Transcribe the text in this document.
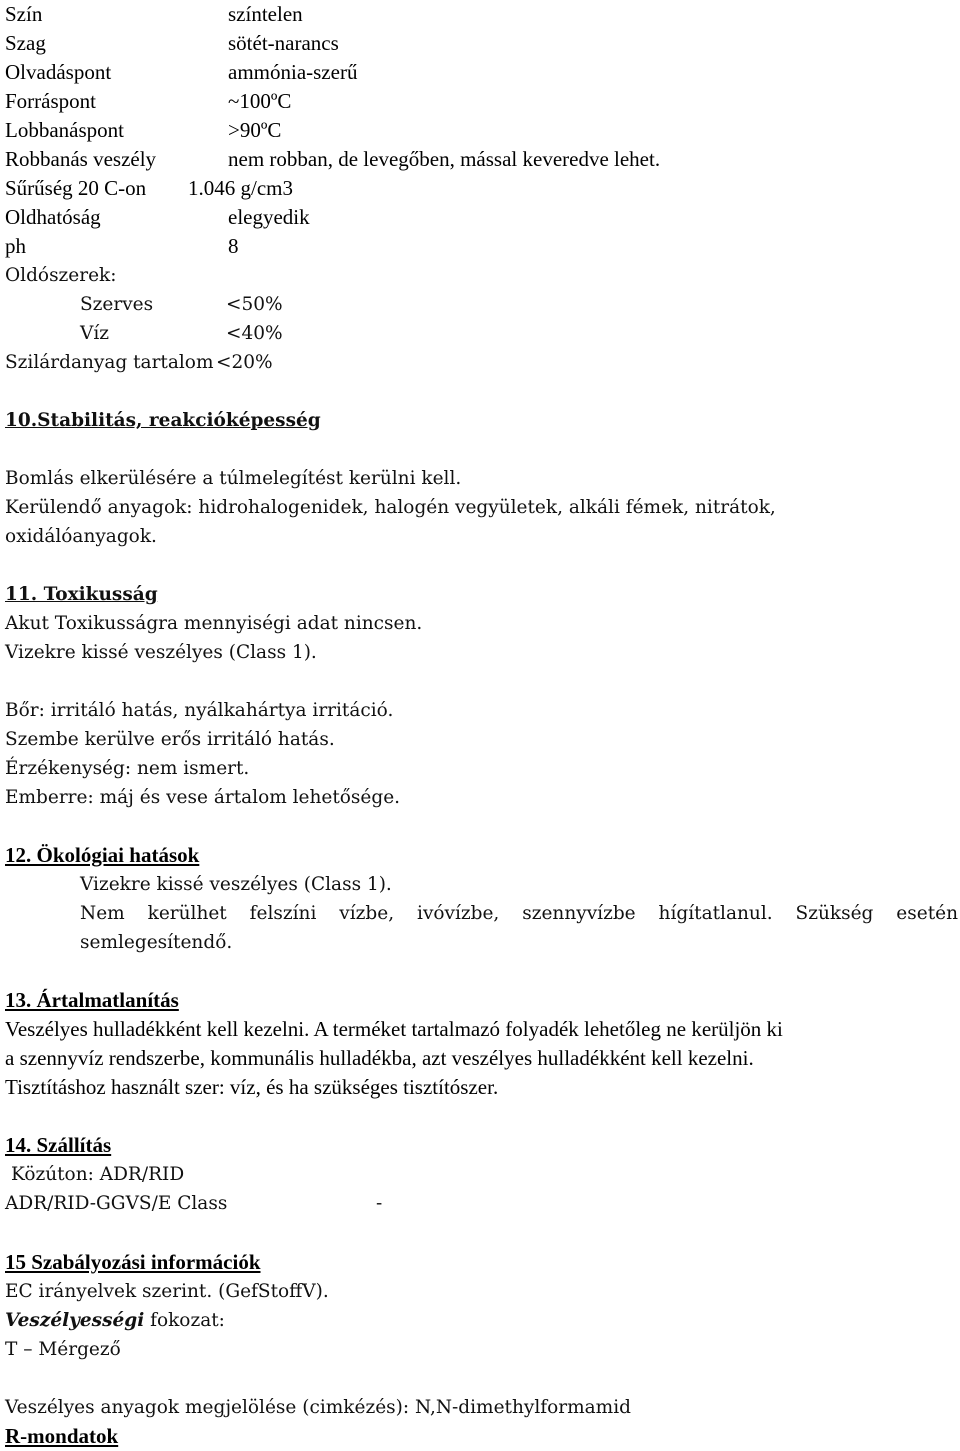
Szín	színtelen
Szag	sötét-narancs
Olvadáspont	ammónia-szerű
Forráspont	~100ºC
Lobbanáspont	>90ºC
Robbanás veszély	nem robban, de levegőben, mással keveredve lehet.
Sűrűség 20 C-on 1.046 g/cm3
Oldhatóság	elegyedik
ph	8
Oldószerek:
Szerves	<50%
Víz	<40%
Szilárdanyag tartalom <20%
10.Stabilitás, reakcióképesség
Bomlás elkerülésére a túlmelegítést kerülni kell.
Kerülendő anyagok: hidrohalogenidek, halogén vegyületek, alkáli fémek, nitrátok,
oxidálóanyagok.
11. Toxikusság
Akut Toxikusságra mennyiségi adat nincsen.
Vizekre kissé veszélyes (Class 1).
Bőr: irritáló hatás, nyálkahártya irritáció.
Szembe kerülve erős irritáló hatás.
Érzékenység: nem ismert.
Emberre: máj és vese ártalom lehetősége.
12. Ökológiai hatások
Vizekre kissé veszélyes (Class 1).
Nem kerülhet felszíni vízbe, ivóvízbe, szennyvízbe hígítatlanul. Szükség esetén
semlegesítendő.
13. Ártalmatlanítás
Veszélyes hulladékként kell kezelni. A terméket tartalmazó folyadék lehetőleg ne kerüljön ki
a szennyvíz rendszerbe, kommunális hulladékba, azt veszélyes hulladékként kell kezelni.
Tisztításhoz használt szer: víz, és ha szükséges tisztítószer.
14. Szállítás
Közúton: ADR/RID
ADR/RID-GGVS/E Class	-
15 Szabályozási információk
EC irányelvek szerint. (GefStoffV).
Veszélyességi fokozat:
T – Mérgező
Veszélyes anyagok megjelölése (cimkézés): N,N-dimethylformamid
R-mondatok
